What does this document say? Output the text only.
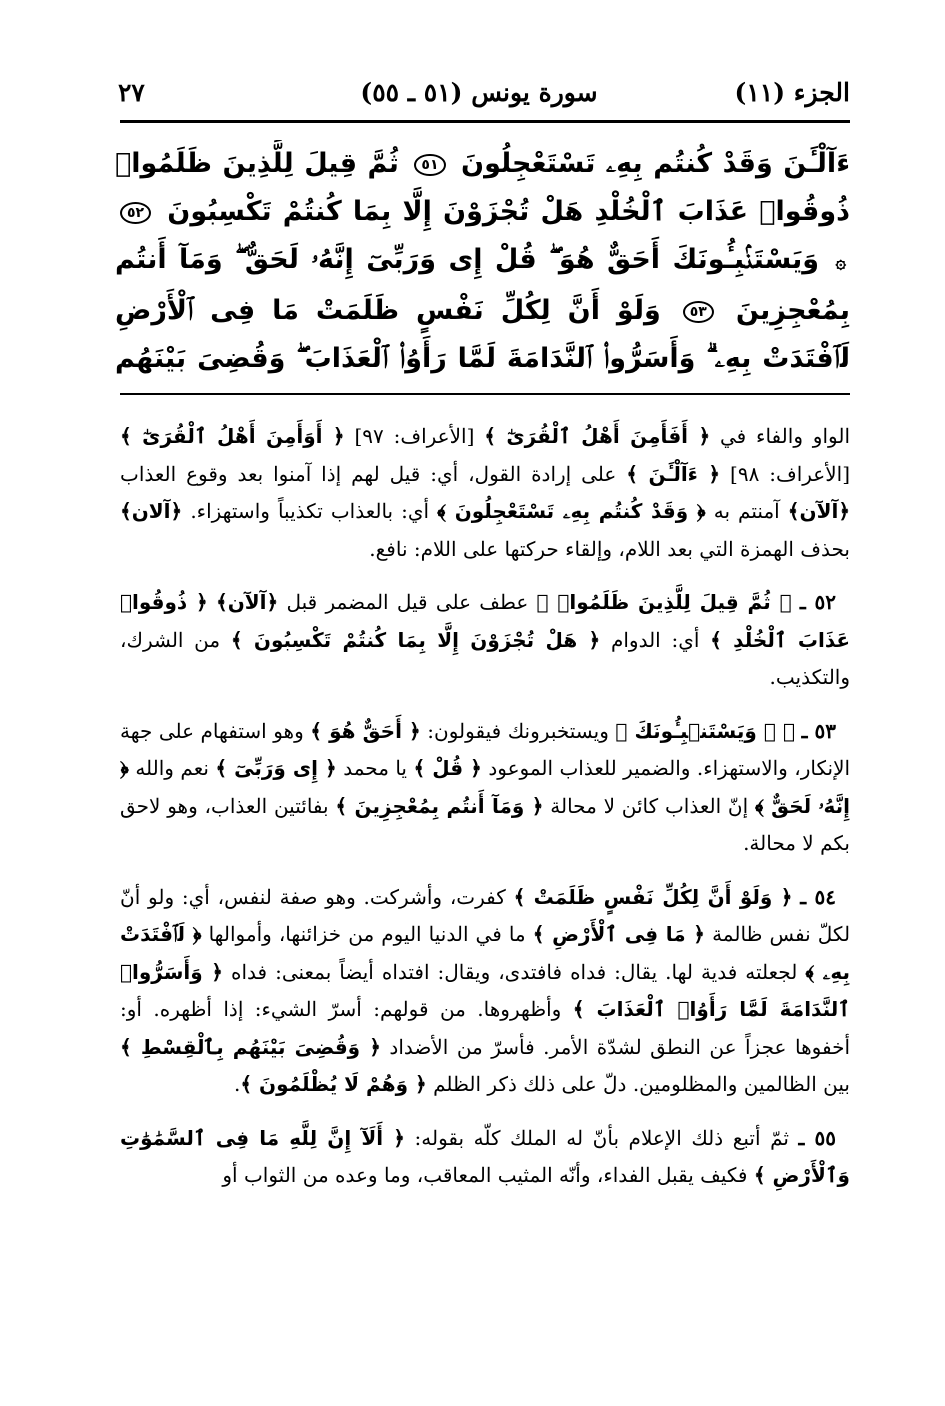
الجزء (١١)
سورة يونس (٥١ ـ ٥٥)
٢٧
ءَآلْـَٔنَ وَقَدْ كُنتُم بِهِۦ تَسْتَعْجِلُونَ ٥١ ثُمَّ قِيلَ لِلَّذِينَ ظَلَمُوا۟ ذُوقُوا۟ عَذَابَ ٱلْخُلْدِ هَلْ تُجْزَوْنَ إِلَّا بِمَا كُنتُمْ تَكْسِبُونَ ٥٢ ۞ وَيَسْتَنۢبِـُٔونَكَ أَحَقٌّ هُوَ ۖ قُلْ إِى وَرَبِّىٓ إِنَّهُۥ لَحَقٌّ ۖ وَمَآ أَنتُم بِمُعْجِزِينَ ٥٣ وَلَوْ أَنَّ لِكُلِّ نَفْسٍ ظَلَمَتْ مَا فِى ٱلْأَرْضِ لَٱفْتَدَتْ بِهِۦ ۗ وَأَسَرُّوا۟ ٱلنَّدَامَةَ لَمَّا رَأَوُا۟ ٱلْعَذَابَ ۖ وَقُضِىَ بَيْنَهُم

الواو والفاء في ﴿ أَفَأَمِنَ أَهْلُ ٱلْقُرَىٰٓ ﴾ [الأعراف: ٩٧] ﴿ أَوَأَمِنَ أَهْلُ ٱلْقُرَىٰٓ ﴾ [الأعراف: ٩٨] ﴿ ءَآلْـَٔنَ ﴾ على إرادة القول، أي: قيل لهم إذا آمنوا بعد وقوع العذاب ﴿آلآن﴾ آمنتم به ﴿ وَقَدْ كُنتُم بِهِۦ تَسْتَعْجِلُونَ ﴾ أي: بالعذاب تكذيباً واستهزاء. ﴿آلان﴾ بحذف الهمزة التي بعد اللام، وإلقاء حركتها على اللام: نافع.

٥٢ ـ ﴿ ثُمَّ قِيلَ لِلَّذِينَ ظَلَمُوا۟ ﴾ عطف على قيل المضمر قبل ﴿آلآن﴾ ﴿ ذُوقُوا۟ عَذَابَ ٱلْخُلْدِ ﴾ أي: الدوام ﴿ هَلْ تُجْزَوْنَ إِلَّا بِمَا كُنتُمْ تَكْسِبُونَ ﴾ من الشرك، والتكذيب.

٥٣ ـ ﴿ ۞ وَيَسْتَنۢبِـُٔونَكَ ﴾ ويستخبرونك فيقولون: ﴿ أَحَقٌّ هُوَ ﴾ وهو استفهام على جهة الإنكار، والاستهزاء. والضمير للعذاب الموعود ﴿ قُلْ ﴾ يا محمد ﴿ إِى وَرَبِّىٓ ﴾ نعم والله ﴿ إِنَّهُۥ لَحَقٌّ ﴾ إنّ العذاب كائن لا محالة ﴿ وَمَآ أَنتُم بِمُعْجِزِينَ ﴾ بفائتين العذاب، وهو لاحق بكم لا محالة.

٥٤ ـ ﴿ وَلَوْ أَنَّ لِكُلِّ نَفْسٍ ظَلَمَتْ ﴾ كفرت، وأشركت. وهو صفة لنفس، أي: ولو أنّ لكلّ نفس ظالمة ﴿ مَا فِى ٱلْأَرْضِ ﴾ ما في الدنيا اليوم من خزائنها، وأموالها ﴿ لَٱفْتَدَتْ بِهِۦ ﴾ لجعلته فدية لها. يقال: فداه فافتدى، ويقال: افتداه أيضاً بمعنى: فداه ﴿ وَأَسَرُّوا۟ ٱلنَّدَامَةَ لَمَّا رَأَوُا۟ ٱلْعَذَابَ ﴾ وأظهروها. من قولهم: أسرّ الشيء: إذا أظهره. أو: أخفوها عجزاً عن النطق لشدّة الأمر. فأسرّ من الأضداد ﴿ وَقُضِىَ بَيْنَهُم بِٱلْقِسْطِ ﴾ بين الظالمين والمظلومين. دلّ على ذلك ذكر الظلم ﴿ وَهُمْ لَا يُظْلَمُونَ ﴾.

٥٥ ـ ثمّ أتبع ذلك الإعلام بأنّ له الملك كلّه بقوله: ﴿ أَلَآ إِنَّ لِلَّهِ مَا فِى ٱلسَّمَٰوَٰتِ وَٱلْأَرْضِ ﴾ فكيف يقبل الفداء، وأنّه المثيب المعاقب، وما وعده من الثواب أو
